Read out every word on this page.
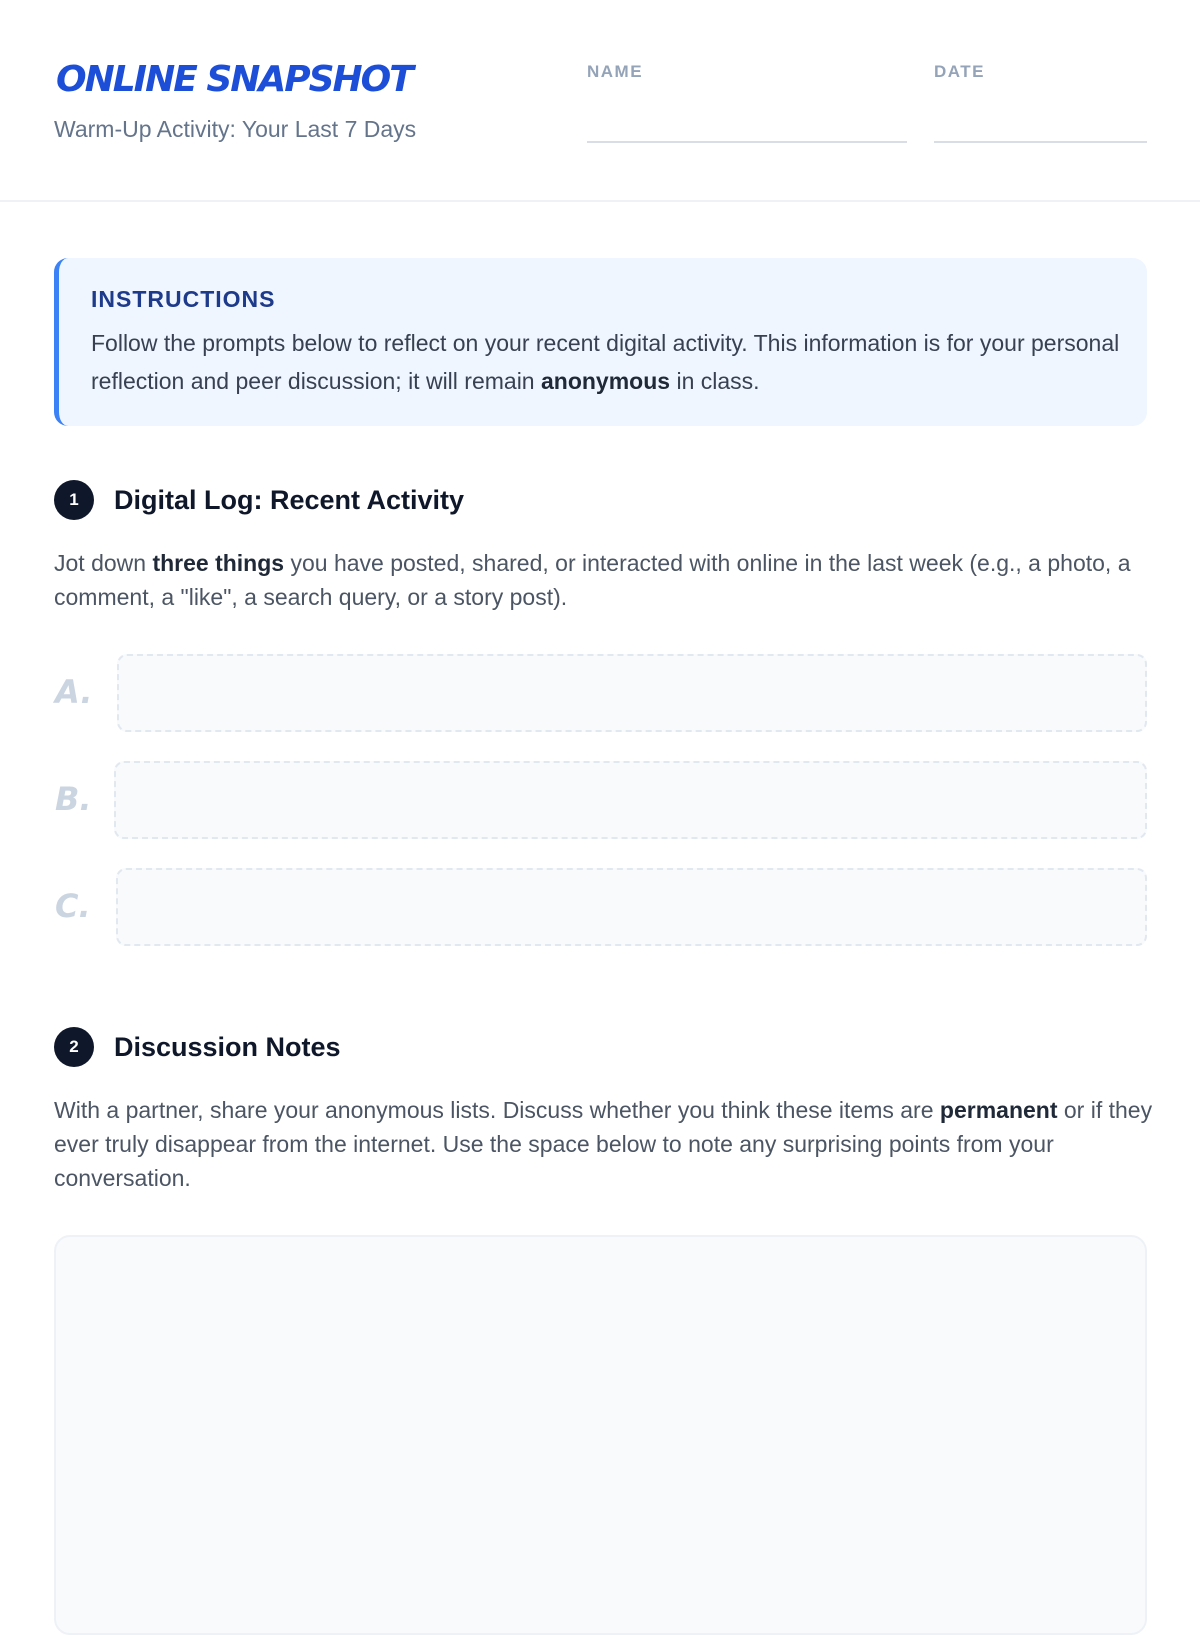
ONLINE SNAPSHOT
Warm-Up Activity: Your Last 7 Days
NAME	DATE
INSTRUCTIONS
Follow the prompts below to reflect on your recent digital activity. This information is for your personal reflection and peer discussion; it will remain anonymous in class.
1	Digital Log: Recent Activity
Jot down three things you have posted, shared, or interacted with online in the last week (e.g., a photo, a comment, a "like", a search query, or a story post).
A.
B.
C.
2	Discussion Notes
With a partner, share your anonymous lists. Discuss whether you think these items are permanent or if they ever truly disappear from the internet. Use the space below to note any surprising points from your conversation.
